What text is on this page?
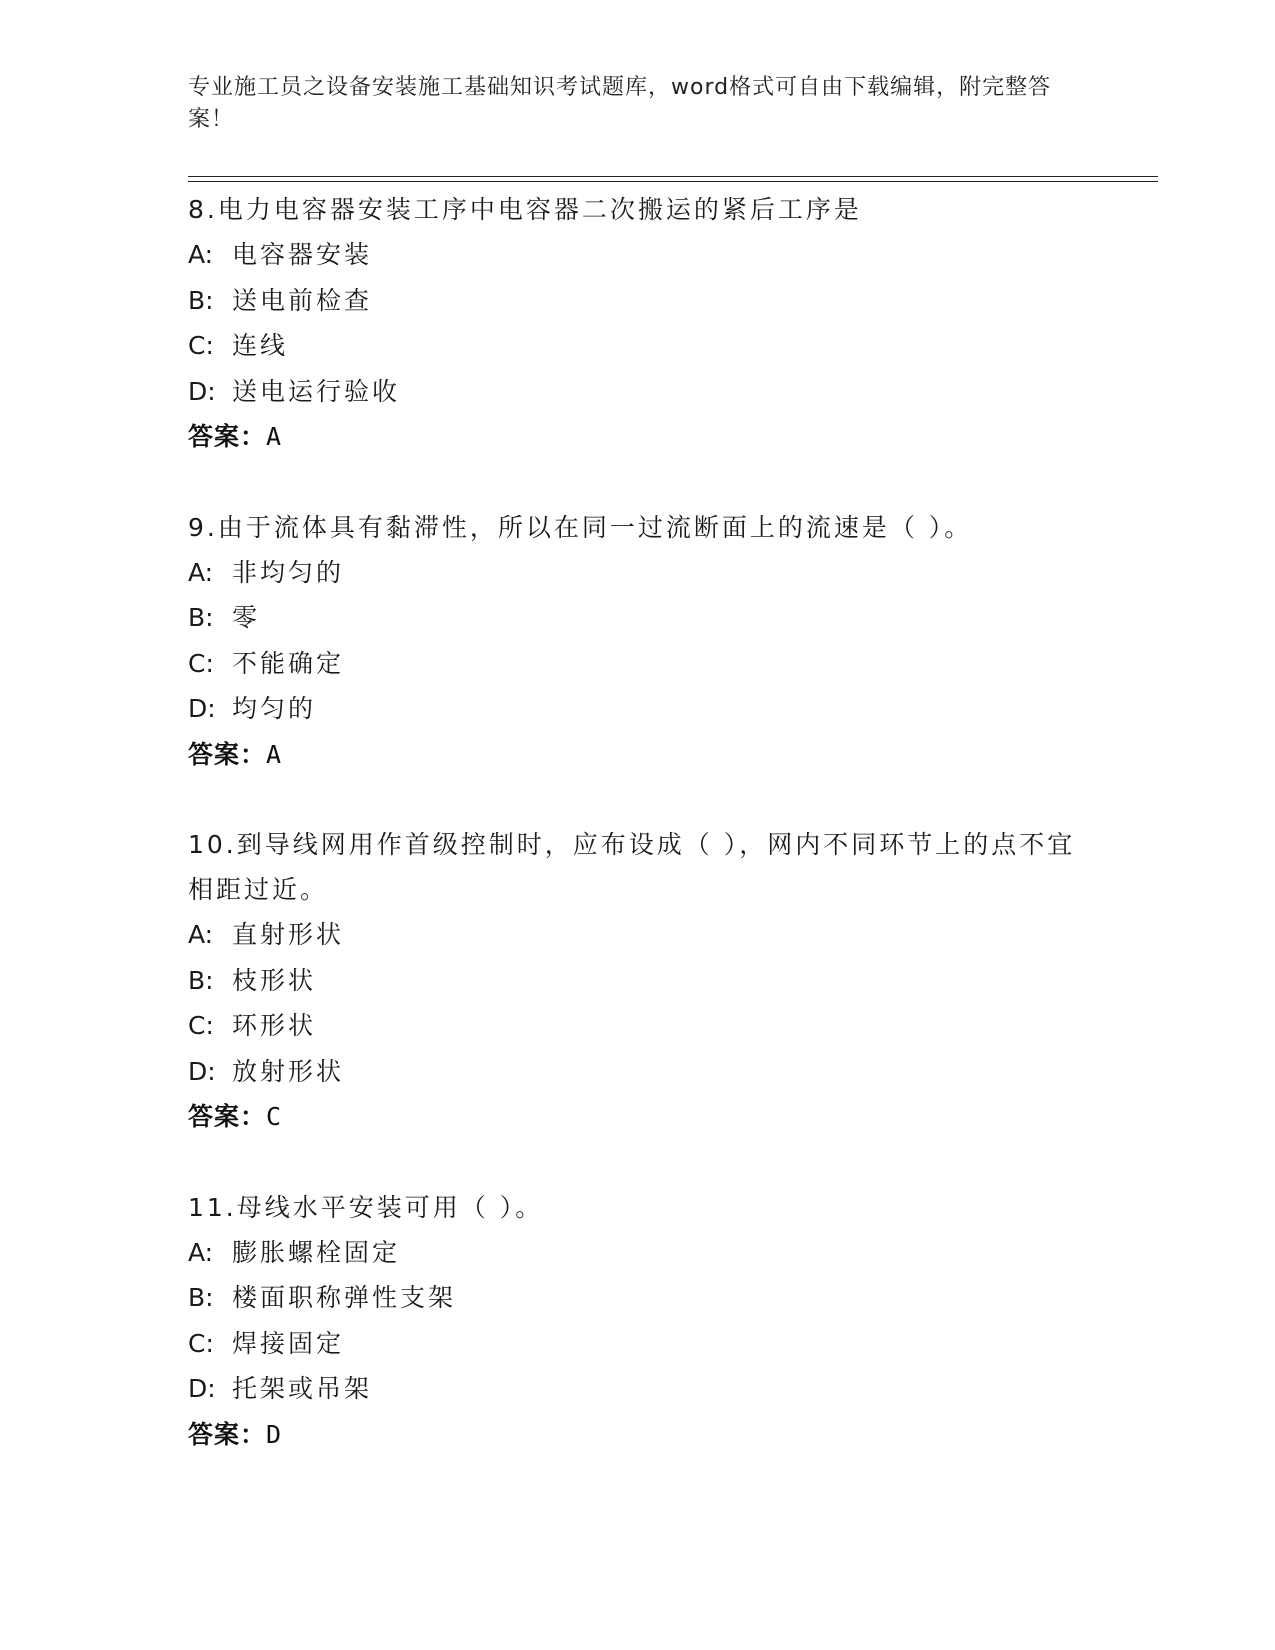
专业施工员之设备安装施工基础知识考试题库，word格式可自由下载编辑，附完整答案！
8.电力电容器安装工序中电容器二次搬运的紧后工序是
A: 电容器安装
B: 送电前检查
C: 连线
D: 送电运行验收
答案：A
9.由于流体具有黏滞性，所以在同一过流断面上的流速是（ ）。
A: 非均匀的
B: 零
C: 不能确定
D: 均匀的
答案：A
10.到导线网用作首级控制时，应布设成（ ），网内不同环节上的点不宜相距过近。
A: 直射形状
B: 枝形状
C: 环形状
D: 放射形状
答案：C
11.母线水平安装可用（ ）。
A: 膨胀螺栓固定
B: 楼面职称弹性支架
C: 焊接固定
D: 托架或吊架
答案：D
